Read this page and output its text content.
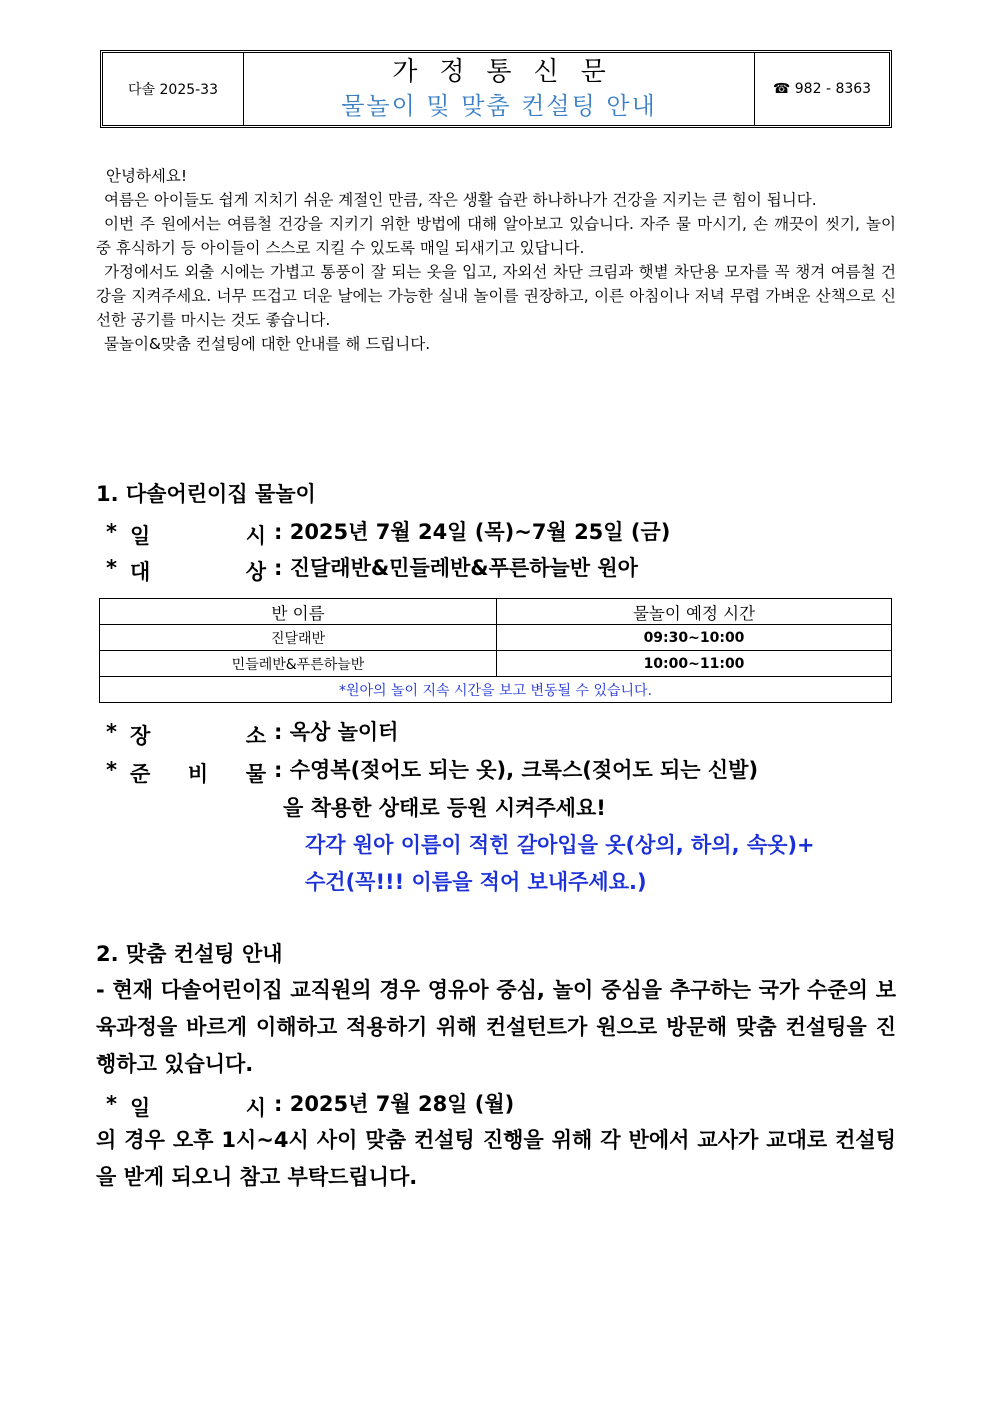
다솔 2025-33
가정통신문
물놀이 및 맞춤 컨설팅 안내
☎ 982 - 8363

안녕하세요!

여름은 아이들도 쉽게 지치기 쉬운 계절인 만큼, 작은 생활 습관 하나하나가 건강을 지키는 큰 힘이 됩니다.

이번 주 원에서는 여름철 건강을 지키기 위한 방법에 대해 알아보고 있습니다. 자주 물 마시기, 손 깨끗이 씻기, 놀이 중 휴식하기 등 아이들이 스스로 지킬 수 있도록 매일 되새기고 있답니다.

가정에서도 외출 시에는 가볍고 통풍이 잘 되는 옷을 입고, 자외선 차단 크림과 햇볕 차단용 모자를 꼭 챙겨 여름철 건강을 지켜주세요. 너무 뜨겁고 더운 날에는 가능한 실내 놀이를 권장하고, 이른 아침이나 저녁 무렵 가벼운 산책으로 신선한 공기를 마시는 것도 좋습니다.

물놀이&맞춤 컨설팅에 대한 안내를 해 드립니다.

1. 다솔어린이집 물놀이
* 일	시 : 2025년 7월 24일 (목)~7월 25일 (금)
* 대	상 : 진달래반&민들레반&푸른하늘반 원아
반 이름	물놀이 예정 시간
진달래반	09:30~10:00
민들레반&푸른하늘반	10:00~11:00
*원아의 놀이 지속 시간을 보고 변동될 수 있습니다.	
* 장	소 : 옥상 놀이터
* 준 비 물 : 수영복(젖어도 되는 옷), 크록스(젖어도 되는 신발)
을 착용한 상태로 등원 시켜주세요!
각각 원아 이름이 적힌 갈아입을 옷(상의, 하의, 속옷)+
수건(꼭!!! 이름을 적어 보내주세요.)
2. 맞춤 컨설팅 안내

- 현재 다솔어린이집 교직원의 경우 영유아 중심, 놀이 중심을 추구하는 국가 수준의 보육과정을 바르게 이해하고 적용하기 위해 컨설턴트가 원으로 방문해 맞춤 컨설팅을 진행하고 있습니다.

* 일	시 : 2025년 7월 28일 (월)

의 경우 오후 1시~4시 사이 맞춤 컨설팅 진행을 위해 각 반에서 교사가 교대로 컨설팅을 받게 되오니 참고 부탁드립니다.
